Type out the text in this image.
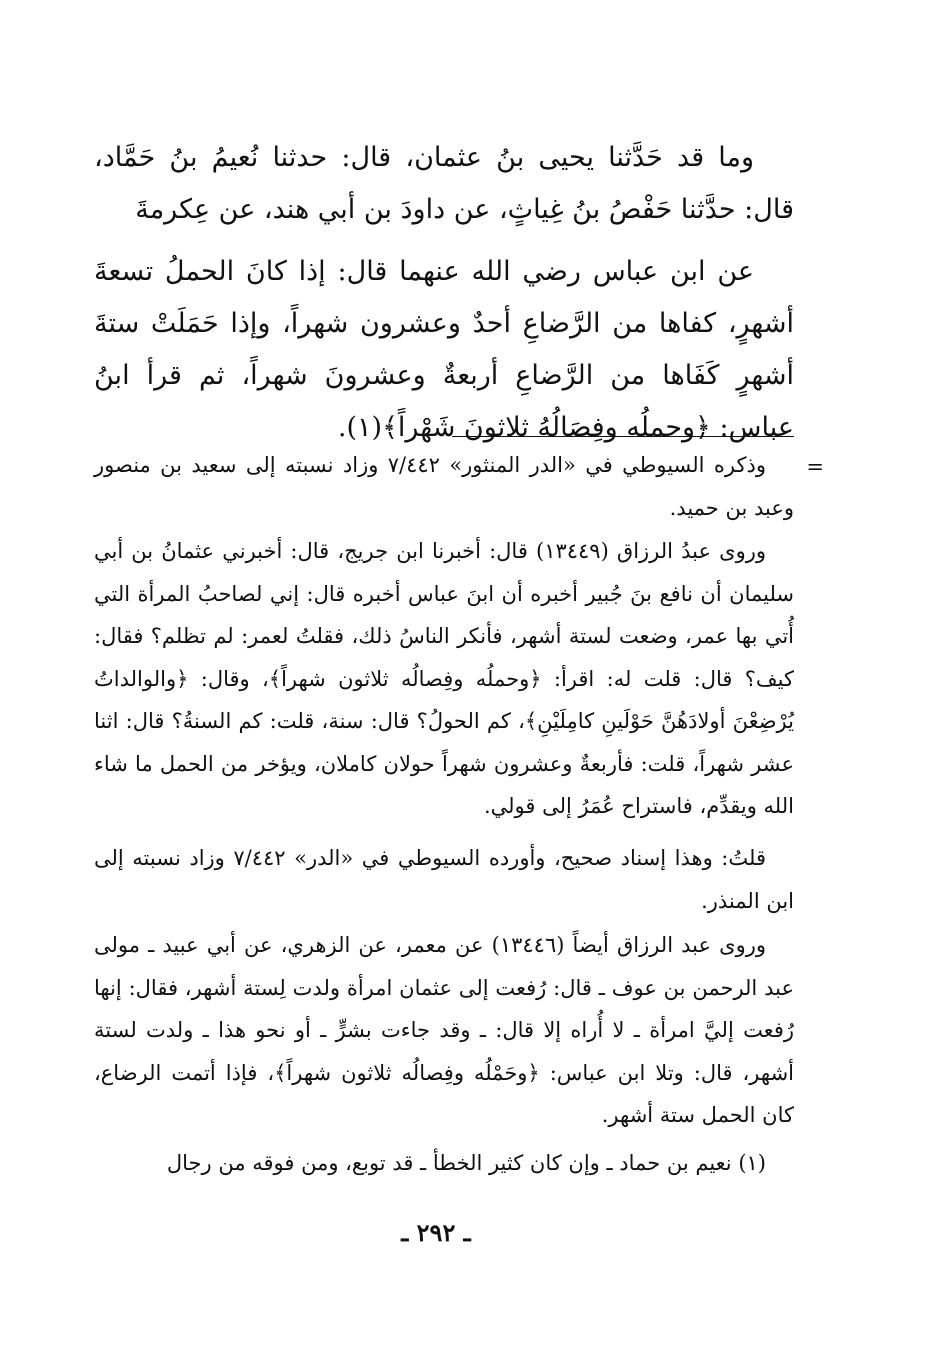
وما قد حَدَّثنا يحيى بنُ عثمان، قال: حدثنا نُعيمُ بنُ حَمَّاد، قال: حدَّثنا حَفْصُ بنُ غِياثٍ، عن داودَ بن أبي هند، عن عِكرمةَ

عن ابن عباس رضي الله عنهما قال: إذا كانَ الحملُ تسعةَ أشهرٍ، كفاها من الرَّضاعِ أحدٌ وعشرون شهراً، وإذا حَمَلَتْ ستةَ أشهرٍ كَفَاها من الرَّضاعِ أربعةٌ وعشرونَ شهراً، ثم قرأ ابنُ عباس: ﴿وحملُه وفِصَالُهُ ثلاثونَ شَهْراً﴾(١).

=

وذكره السيوطي في «الدر المنثور» ٧/٤٤٢ وزاد نسبته إلى سعيد بن منصور وعبد بن حميد.

وروى عبدُ الرزاق (١٣٤٤٩) قال: أخبرنا ابن جريج، قال: أخبرني عثمانُ بن أبي سليمان أن نافع بنَ جُبير أخبره أن ابنَ عباس أخبره قال: إني لصاحبُ المرأة التي أُتي بها عمر، وضعت لستة أشهر، فأنكر الناسُ ذلك، فقلتُ لعمر: لم تظلم؟ فقال: كيف؟ قال: قلت له: اقرأ: ﴿وحملُه وفِصالُه ثلاثون شهراً﴾، وقال: ﴿والوالداتُ يُرْضِعْنَ أولادَهُنَّ حَوْلَينِ كامِلَيْنِ﴾، كم الحولُ؟ قال: سنة، قلت: كم السنةُ؟ قال: اثنا عشر شهراً، قلت: فأربعةٌ وعشرون شهراً حولان كاملان، ويؤخر من الحمل ما شاء الله ويقدِّم، فاستراح عُمَرُ إلى قولي.

قلتُ: وهذا إسناد صحيح، وأورده السيوطي في «الدر» ٧/٤٤٢ وزاد نسبته إلى ابن المنذر.

وروى عبد الرزاق أيضاً (١٣٤٤٦) عن معمر، عن الزهري، عن أبي عبيد ـ مولى عبد الرحمن بن عوف ـ قال: رُفعت إلى عثمان امرأة ولدت لِستة أشهر، فقال: إنها رُفعت إليَّ امرأة ـ لا أُراه إلا قال: ـ وقد جاءت بشرٍّ ـ أو نحو هذا ـ ولدت لستة أشهر، قال: وتلا ابن عباس: ﴿وحَمْلُه وفِصالُه ثلاثون شهراً﴾، فإذا أتمت الرضاع، كان الحمل ستة أشهر.

(١) نعيم بن حماد ـ وإن كان كثير الخطأ ـ قد توبع، ومن فوقه من رجال

ـ ٢٩٢ ـ
